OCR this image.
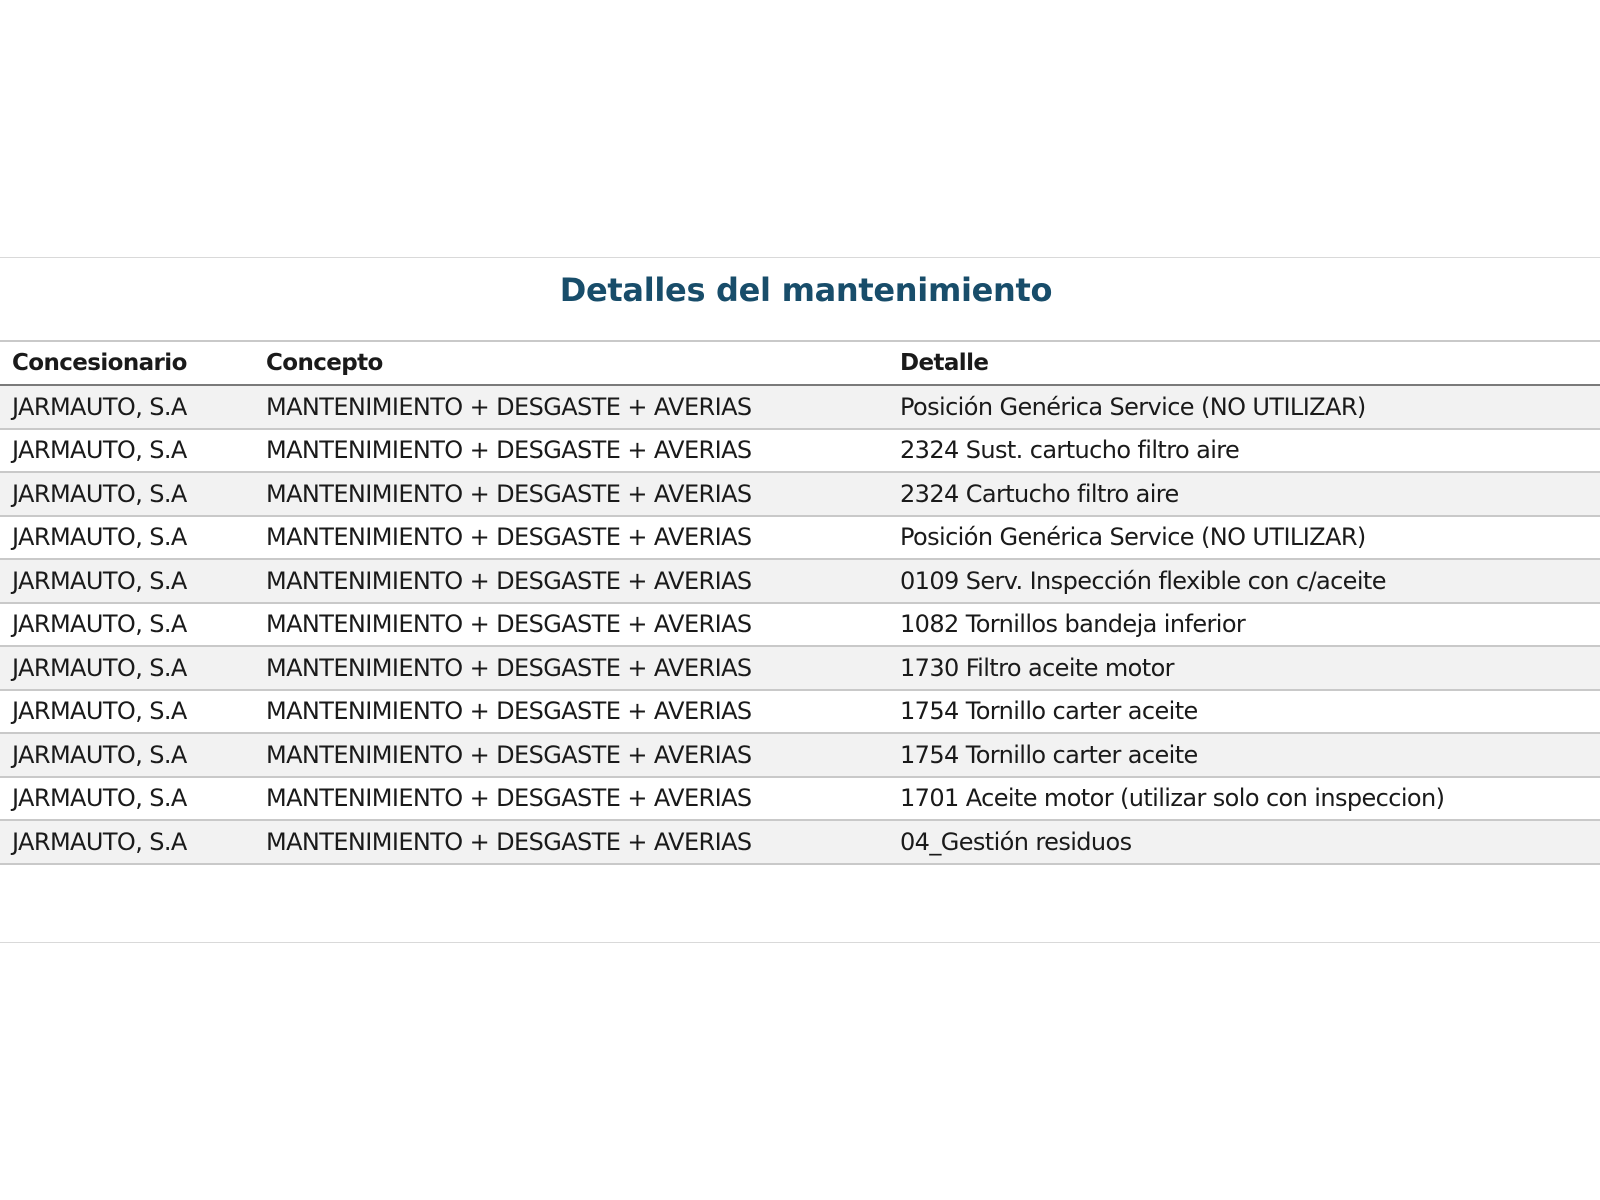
Detalles del mantenimiento
Concesionario	Concepto	Detalle
JARMAUTO, S.A	MANTENIMIENTO + DESGASTE + AVERIAS	Posición Genérica Service (NO UTILIZAR)
JARMAUTO, S.A	MANTENIMIENTO + DESGASTE + AVERIAS	2324 Sust. cartucho filtro aire
JARMAUTO, S.A	MANTENIMIENTO + DESGASTE + AVERIAS	2324 Cartucho filtro aire
JARMAUTO, S.A	MANTENIMIENTO + DESGASTE + AVERIAS	Posición Genérica Service (NO UTILIZAR)
JARMAUTO, S.A	MANTENIMIENTO + DESGASTE + AVERIAS	0109 Serv. Inspección flexible con c/aceite
JARMAUTO, S.A	MANTENIMIENTO + DESGASTE + AVERIAS	1082 Tornillos bandeja inferior
JARMAUTO, S.A	MANTENIMIENTO + DESGASTE + AVERIAS	1730 Filtro aceite motor
JARMAUTO, S.A	MANTENIMIENTO + DESGASTE + AVERIAS	1754 Tornillo carter aceite
JARMAUTO, S.A	MANTENIMIENTO + DESGASTE + AVERIAS	1754 Tornillo carter aceite
JARMAUTO, S.A	MANTENIMIENTO + DESGASTE + AVERIAS	1701 Aceite motor (utilizar solo con inspeccion)
JARMAUTO, S.A	MANTENIMIENTO + DESGASTE + AVERIAS	04_Gestión residuos
